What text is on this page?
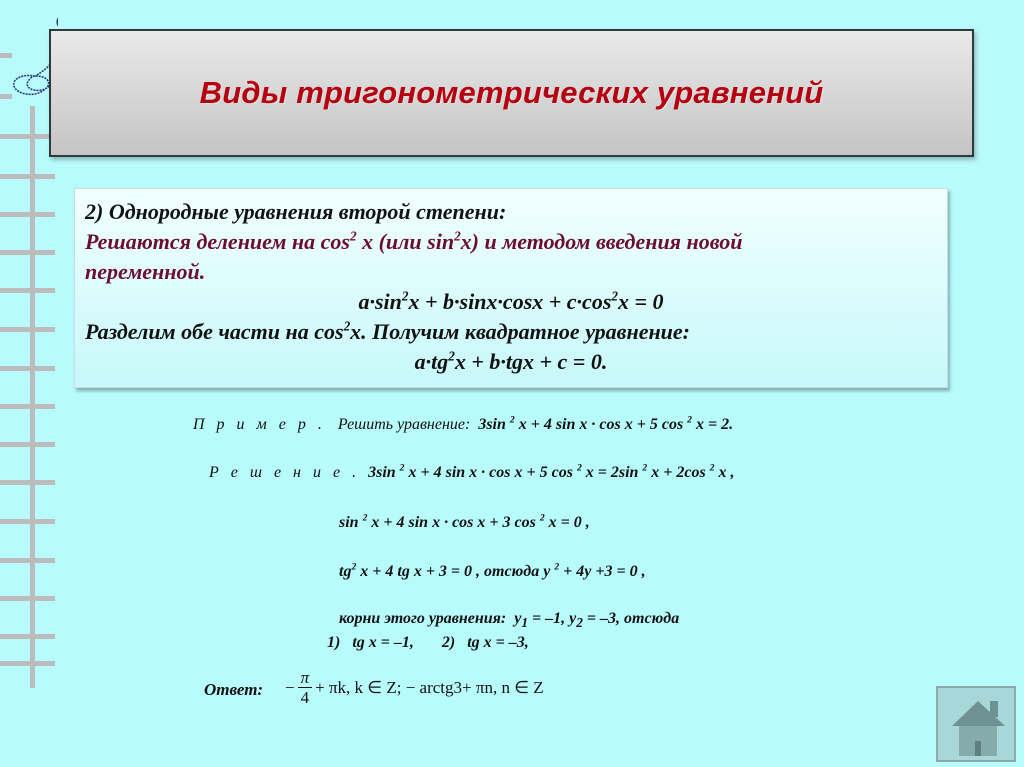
Виды тригонометрических уравнений
2) Однородные уравнения второй степени:
Решаются делением на $\cos^2 x$ (или $\sin^2x$) и методом введения новой
переменной.
$a\cdot\sin^2x + b\cdot\sin x\cdot\cos x + c\cdot\cos^2x = 0$
Разделим обе части на $\cos^2x$. Получим квадратное уравнение:
$a\cdot tg^2x + b\cdot tgx + c = 0$.
П р и м е р . Решить уравнение: 3sin $^2$ x + 4 sin x · cos x + 5 cos $^2$ x = 2.
Р е ш е н и е . 3sin $^2$ x + 4 sin x · cos x + 5 cos $^2$ x = 2sin $^2$ x + 2cos $^2$ x ,
sin $^2$ x + 4 sin x · cos x + 3 cos $^2$ x = 0 ,
$tg^2$ x + 4 tg x + 3 = 0 , отсюда y $^2$ + 4y +3 = 0 ,
корни этого уравнения: $y_1 = -1$, $y_2 = -3$, отсюда
1)   tg x = –1,       2)   tg x = –3,
Ответ: − $\frac{\pi}{4} + \pi k$, k ∈ Z; − arctg3+ πn, n ∈ Z
